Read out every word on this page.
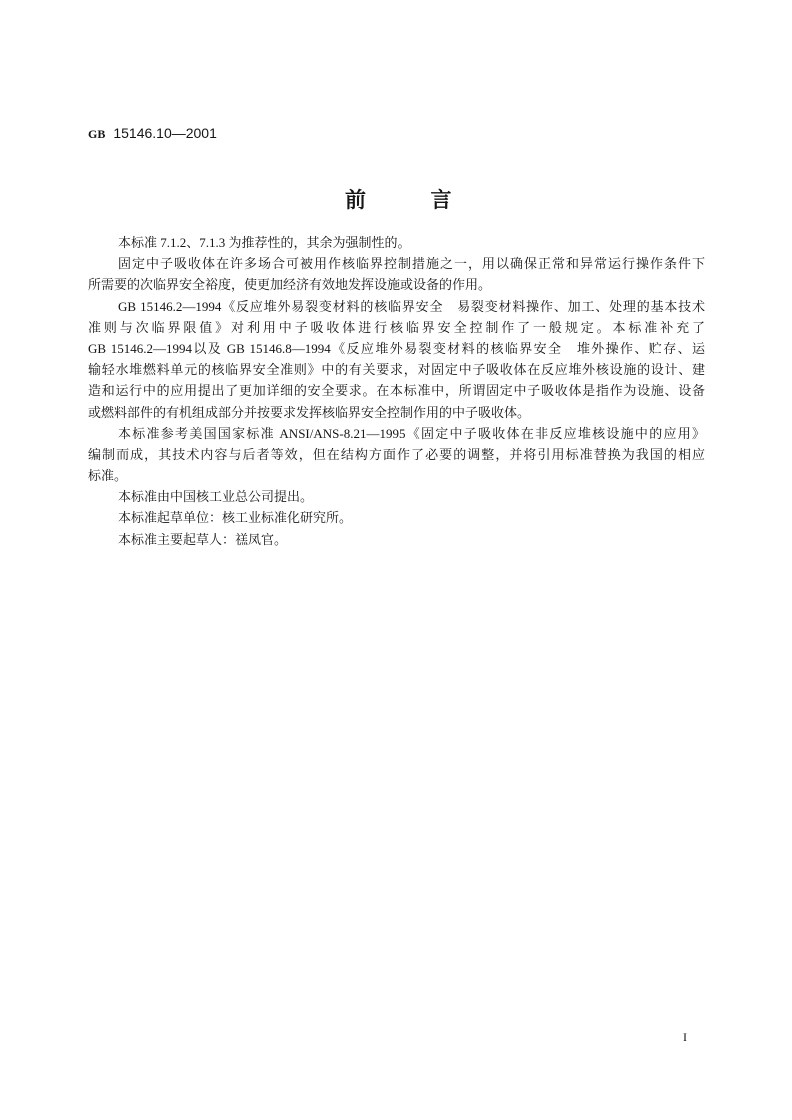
GB 15146.10—2001
前　　言
本标准 7.1.2、7.1.3 为推荐性的，其余为强制性的。
固定中子吸收体在许多场合可被用作核临界控制措施之一，用以确保正常和异常运行操作条件下
所需要的次临界安全裕度，使更加经济有效地发挥设施或设备的作用。
GB 15146.2—1994《反应堆外易裂变材料的核临界安全　易裂变材料操作、加工、处理的基本技术
准则与次临界限值》对利用中子吸收体进行核临界安全控制作了一般规定。本标准补充了
GB 15146.2—1994以及 GB 15146.8—1994《反应堆外易裂变材料的核临界安全　堆外操作、贮存、运
输轻水堆燃料单元的核临界安全准则》中的有关要求，对固定中子吸收体在反应堆外核设施的设计、建
造和运行中的应用提出了更加详细的安全要求。在本标准中，所谓固定中子吸收体是指作为设施、设备
或燃料部件的有机组成部分并按要求发挥核临界安全控制作用的中子吸收体。
本标准参考美国国家标准 ANSI/ANS-8.21—1995《固定中子吸收体在非反应堆核设施中的应用》
编制而成，其技术内容与后者等效，但在结构方面作了必要的调整，并将引用标准替换为我国的相应
标准。
本标准由中国核工业总公司提出。
本标准起草单位：核工业标准化研究所。
本标准主要起草人：禚凤官。
I
